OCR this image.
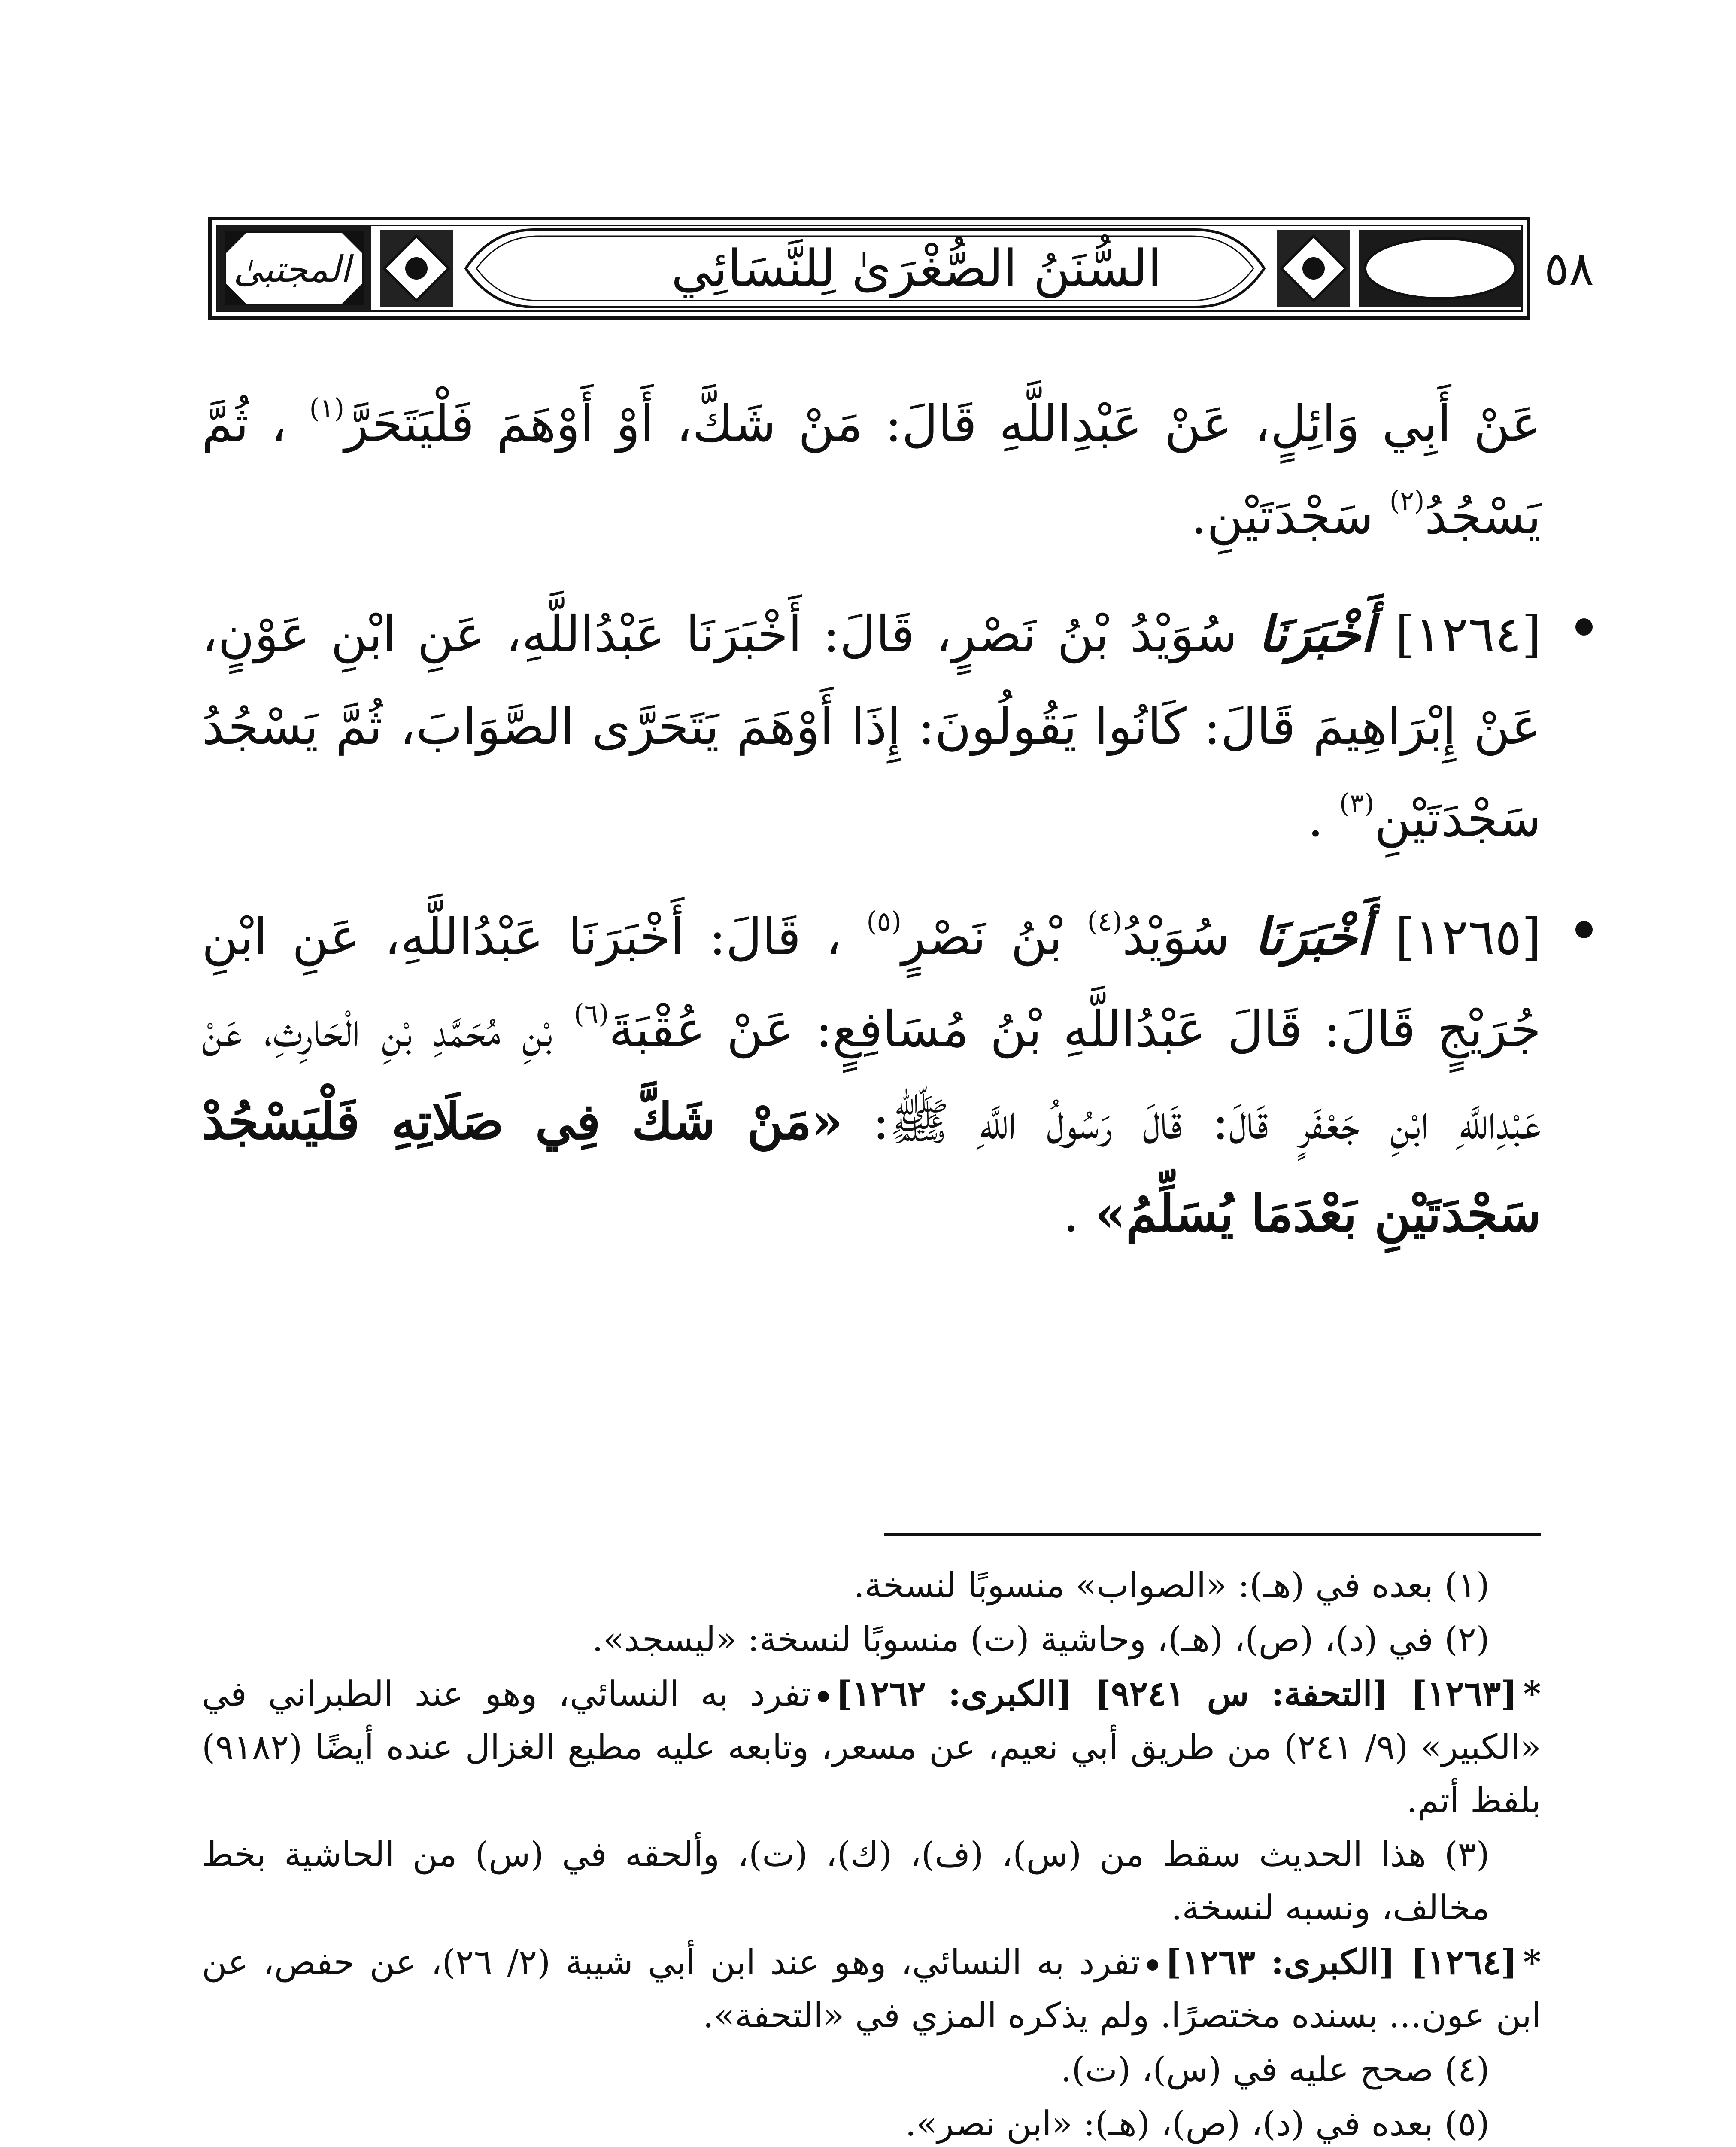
المجتبىٰ	السُّنَنُ الصُّغْرَىٰ لِلنَّسَائِي	٥٨

عَنْ أَبِي وَائِلٍ، عَنْ عَبْدِاللَّهِ قَالَ: مَنْ شَكَّ، أَوْ أَوْهَمَ فَلْيَتَحَرَّ$^{(١)}$ ، ثُمَّ يَسْجُدُ$^{(٢)}$ سَجْدَتَيْنِ.

[١٢٦٤] أَخْبَرَنَا سُوَيْدُ بْنُ نَصْرٍ، قَالَ: أَخْبَرَنَا عَبْدُاللَّهِ، عَنِ ابْنِ عَوْنٍ، عَنْ إِبْرَاهِيمَ قَالَ: كَانُوا يَقُولُونَ: إِذَا أَوْهَمَ يَتَحَرَّى الصَّوَابَ، ثُمَّ يَسْجُدُ سَجْدَتَيْنِ$^{(٣)}$ .

[١٢٦٥] أَخْبَرَنَا سُوَيْدُ$^{(٤)}$ بْنُ نَصْرٍ$^{(٥)}$ ، قَالَ: أَخْبَرَنَا عَبْدُاللَّهِ، عَنِ ابْنِ جُرَيْجٍ قَالَ: قَالَ عَبْدُاللَّهِ بْنُ مُسَافِعٍ: عَنْ عُقْبَةَ$^{(٦)}$ بْنِ مُحَمَّدِ بْنِ الْحَارِثِ، عَنْ عَبْدِاللَّهِ ابْنِ جَعْفَرٍ قَالَ: قَالَ رَسُولُ اللَّهِ ﷺ: «مَنْ شَكَّ فِي صَلَاتِهِ فَلْيَسْجُدْ سَجْدَتَيْنِ بَعْدَمَا يُسَلِّمُ» .

(١) بعده في (هـ): «الصواب» منسوبًا لنسخة.

(٢) في (د)، (ص)، (هـ)، وحاشية (ت) منسوبًا لنسخة: «ليسجد».

*[١٢٦٣] [التحفة: س ٩٢٤١] [الكبرى: ١٢٦٢]تفرد به النسائي، وهو عند الطبراني في «الكبير» (٩/ ٢٤١) من طريق أبي نعيم، عن مسعر، وتابعه عليه مطيع الغزال عنده أيضًا (٩١٨٢) بلفظ أتم.

(٣) هذا الحديث سقط من (س)، (ف)، (ك)، (ت)، وألحقه في (س) من الحاشية بخط مخالف، ونسبه لنسخة.

*[١٢٦٤] [الكبرى: ١٢٦٣]تفرد به النسائي، وهو عند ابن أبي شيبة (٢/ ٢٦)، عن حفص، عن ابن عون... بسنده مختصرًا. ولم يذكره المزي في «التحفة».

(٤) صحح عليه في (س)، (ت).

(٥) بعده في (د)، (ص)، (هـ): «ابن نصر».
